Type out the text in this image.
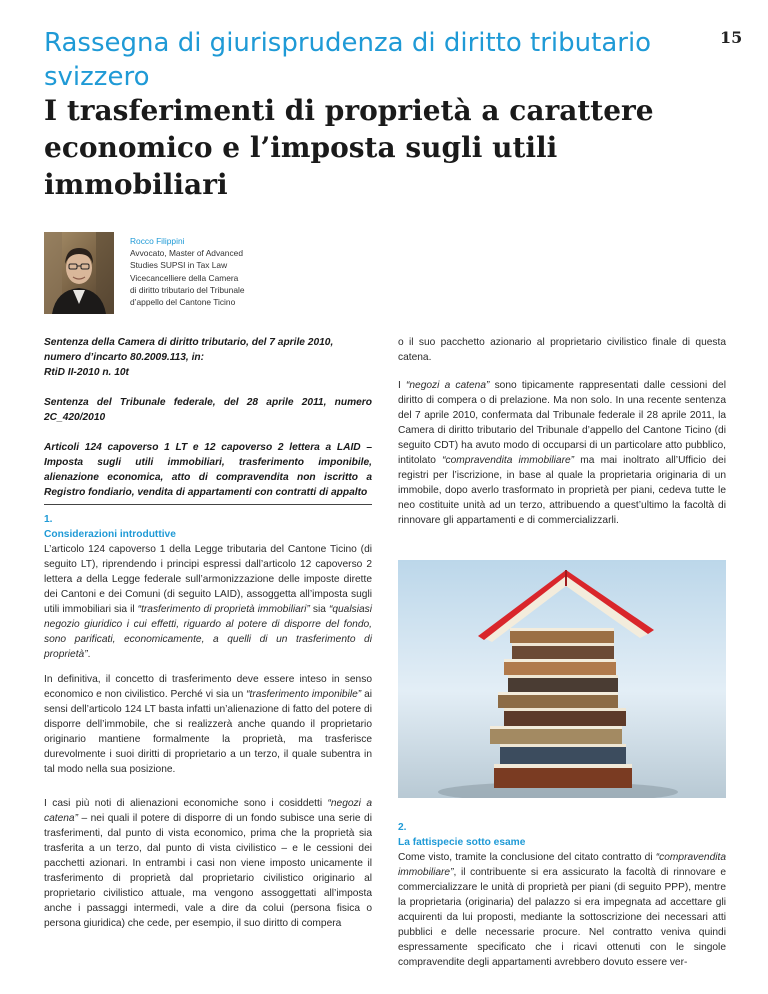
15
Rassegna di giurisprudenza di diritto tributario svizzero
I trasferimenti di proprietà a carattere economico e l’imposta sugli utili immobiliari
Rocco Filippini
Avvocato, Master of Advanced
Studies SUPSI in Tax Law
Vicecancelliere della Camera
di diritto tributario del Tribunale
d’appello del Cantone Ticino

Sentenza della Camera di diritto tributario, del 7 aprile 2010, numero d’incarto 80.2009.113, in:

RtiD II-2010 n. 10t

Sentenza del Tribunale federale, del 28 aprile 2011, numero 2C_420/2010

Articoli 124 capoverso 1 LT e 12 capoverso 2 lettera a LAID – Imposta sugli utili immobiliari, trasferimento imponibile, alienazione economica, atto di compravendita non iscritto a Registro fondiario, vendita di appartamenti con contratti di appalto

1.
Considerazioni introduttive

L’articolo 124 capoverso 1 della Legge tributaria del Cantone Ticino (di seguito LT), riprendendo i principi espressi dall’articolo 12 capoverso 2 lettera a della Legge federale sull’armonizzazione delle imposte dirette dei Cantoni e dei Comuni (di seguito LAID), assoggetta all’imposta sugli utili immobiliari sia il “trasferimento di proprietà immobiliari” sia “qualsiasi negozio giuridico i cui effetti, riguardo al potere di disporre del fondo, sono parificati, economicamente, a quelli di un trasferimento di proprietà”.

In definitiva, il concetto di trasferimento deve essere inteso in senso economico e non civilistico. Perché vi sia un “trasferimento imponibile” ai sensi dell’articolo 124 LT basta infatti un’alienazione di fatto del potere di disporre dell’immobile, che si realizzerà anche quando il proprietario originario mantiene formalmente la proprietà, ma trasferisce durevolmente i suoi diritti di proprietario a un terzo, il quale subentra in tal modo nella sua posizione.

I casi più noti di alienazioni economiche sono i cosiddetti “negozi a catena” – nei quali il potere di disporre di un fondo subisce una serie di trasferimenti, dal punto di vista economico, prima che la proprietà sia trasferita a un terzo, dal punto di vista civilistico – e le cessioni dei pacchetti azionari. In entrambi i casi non viene imposto unicamente il trasferimento di proprietà dal proprietario civilistico originario al proprietario civilistico attuale, ma vengono assoggettati all’imposta anche i passaggi intermedi, vale a dire da colui (persona fisica o persona giuridica) che cede, per esempio, il suo diritto di compera

o il suo pacchetto azionario al proprietario civilistico finale di questa catena.

I “negozi a catena” sono tipicamente rappresentati dalle cessioni del diritto di compera o di prelazione. Ma non solo. In una recente sentenza del 7 aprile 2010, confermata dal Tribunale federale il 28 aprile 2011, la Camera di diritto tributario del Tribunale d’appello del Cantone Ticino (di seguito CDT) ha avuto modo di occuparsi di un particolare atto pubblico, intitolato “compravendita immobiliare” ma mai inoltrato all’Ufficio dei registri per l’iscrizione, in base al quale la proprietaria originaria di un immobile, dopo averlo trasformato in proprietà per piani, cedeva tutte le neo costituite unità ad un terzo, attribuendo a quest’ultimo la facoltà di rinnovare gli appartamenti e di commercializzarli.

2.
La fattispecie sotto esame

Come visto, tramite la conclusione del citato contratto di “compravendita immobiliare”, il contribuente si era assicurato la facoltà di rinnovare e commercializzare le unità di proprietà per piani (di seguito PPP), mentre la proprietaria (originaria) del palazzo si era impegnata ad accettare gli acquirenti da lui proposti, mediante la sottoscrizione dei necessari atti pubblici e delle necessarie procure. Nel contratto veniva quindi espressamente specificato che i ricavi ottenuti con le singole compravendite degli appartamenti avrebbero dovuto essere ver-
